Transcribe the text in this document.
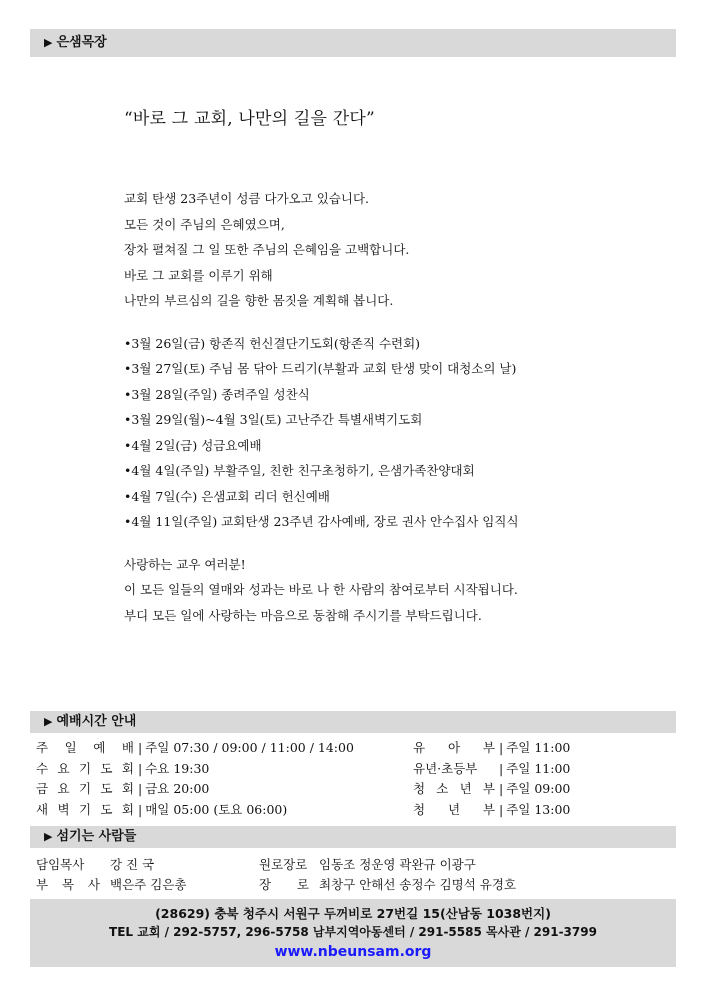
▶ 은샘목장
“바로 그 교회, 나만의 길을 간다”

교회 탄생 23주년이 성큼 다가오고 있습니다.

모든 것이 주님의 은혜였으며,

장차 펼쳐질 그 일 또한 주님의 은혜임을 고백합니다.

바로 그 교회를 이루기 위해

나만의 부르심의 길을 향한 몸짓을 계획해 봅니다.

•3월 26일(금) 항존직 헌신결단기도회(항존직 수련회)

•3월 27일(토) 주님 몸 닦아 드리기(부활과 교회 탄생 맞이 대청소의 날)

•3월 28일(주일) 종려주일 성찬식

•3월 29일(월)~4월 3일(토) 고난주간 특별새벽기도회

•4월 2일(금) 성금요예배

•4월 4일(주일) 부활주일, 친한 친구초청하기, 은샘가족찬양대회

•4월 7일(수) 은샘교회 리더 헌신예배

•4월 11일(주일) 교회탄생 23주년 감사예배, 장로 권사 안수집사 임직식

사랑하는 교우 여러분!

이 모든 일들의 열매와 성과는 바로 나 한 사람의 참여로부터 시작됩니다.

부디 모든 일에 사랑하는 마음으로 동참해 주시기를 부탁드립니다.

▶ 예배시간 안내
주 일 예 배 | 주일 07:30 / 09:00 / 11:00 / 14:00
수 요 기 도 회 | 수요 19:30
금 요 기 도 회 | 금요 20:00
새 벽 기 도 회 | 매일 05:00 (토요 06:00)
유 아 부 | 주일 11:00
유년·초등부 | 주일 11:00
청 소 년 부 | 주일 09:00
청 년 부 | 주일 13:00
▶ 섬기는 사람들
담임목사 강 진 국
부 목 사 백은주 김은총
원로장로 임동조 정운영 곽완규 이광구
장 로 최창구 안해선 송정수 김명석 유경호
(28629) 충북 청주시 서원구 두꺼비로 27번길 15(산남동 1038번지)
TEL 교회 / 292-5757, 296-5758 남부지역아동센터 / 291-5585 목사관 / 291-3799
www.nbeunsam.org
